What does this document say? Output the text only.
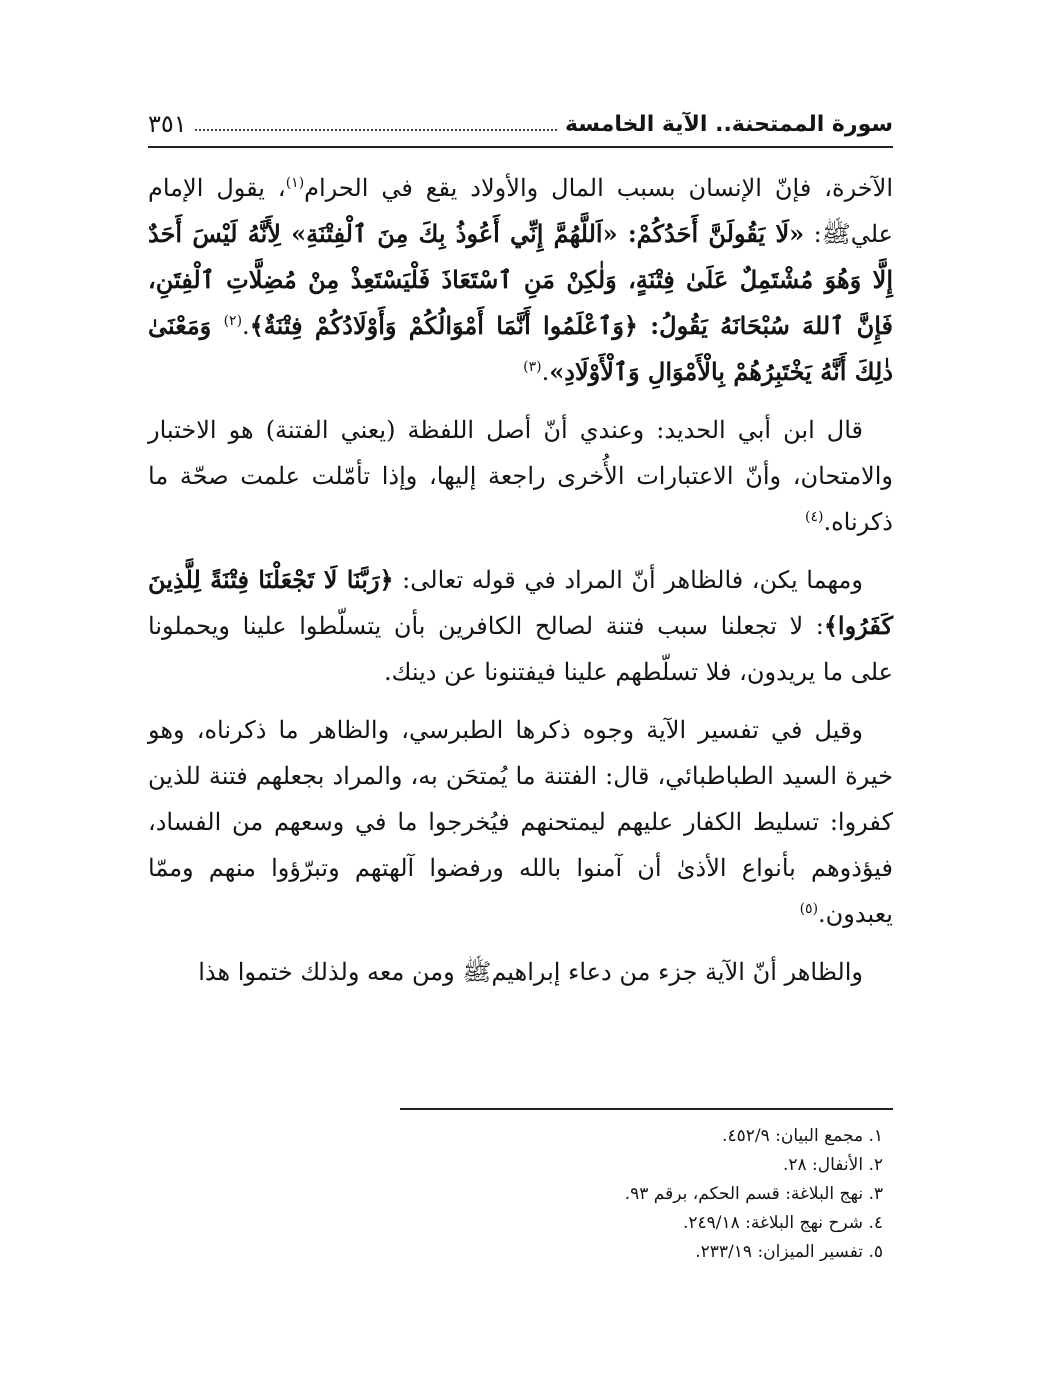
سورة الممتحنة.. الآية الخامسة
٣٥١

الآخرة، فإنّ الإنسان بسبب المال والأولاد يقع في الحرام$^{(١)}$، يقول الإمام عليﷺ: «لَا يَقُولَنَّ أَحَدُكُمْ: «اَللَّهُمَّ إِنِّي أَعُوذُ بِكَ مِنَ ٱلْفِتْنَةِ» لِأَنَّهُ لَيْسَ أَحَدٌ إِلَّا وَهُوَ مُشْتَمِلٌ عَلَىٰ فِتْنَةٍ، وَلٰكِنْ مَنِ ٱسْتَعَاذَ فَلْيَسْتَعِذْ مِنْ مُضِلَّاتِ ٱلْفِتَنِ، فَإِنَّ ٱللهَ سُبْحَانَهُ يَقُولُ: ﴿وَٱعْلَمُوا أَنَّمَا أَمْوَالُكُمْ وَأَوْلَادُكُمْ فِتْنَةٌ﴾.$^{(٢)}$ وَمَعْنَىٰ ذٰلِكَ أَنَّهُ يَخْتَبِرُهُمْ بِالْأَمْوَالِ وَٱلْأَوْلَادِ».$^{(٣)}$

قال ابن أبي الحديد: وعندي أنّ أصل اللفظة (يعني الفتنة) هو الاختبار والامتحان، وأنّ الاعتبارات الأُخرى راجعة إليها، وإذا تأمّلت علمت صحّة ما ذكرناه.$^{(٤)}$

ومهما يكن، فالظاهر أنّ المراد في قوله تعالى: ﴿رَبَّنَا لَا تَجْعَلْنَا فِتْنَةً لِلَّذِينَ كَفَرُوا﴾: لا تجعلنا سبب فتنة لصالح الكافرين بأن يتسلّطوا علينا ويحملونا على ما يريدون، فلا تسلّطهم علينا فيفتنونا عن دينك.

وقيل في تفسير الآية وجوه ذكرها الطبرسي، والظاهر ما ذكرناه، وهو خيرة السيد الطباطبائي، قال: الفتنة ما يُمتحَن به، والمراد بجعلهم فتنة للذين كفروا: تسليط الكفار عليهم ليمتحنهم فيُخرجوا ما في وسعهم من الفساد، فيؤذوهم بأنواع الأذىٰ أن آمنوا بالله ورفضوا آلهتهم وتبرّؤوا منهم وممّا يعبدون.$^{(٥)}$

والظاهر أنّ الآية جزء من دعاء إبراهيمﷺ ومن معه ولذلك ختموا هذا

١. مجمع البيان: ٤٥٢/٩.
٢. الأنفال: ٢٨.
٣. نهج البلاغة: قسم الحكم، برقم ٩٣.
٤. شرح نهج البلاغة: ٢٤٩/١٨.
٥. تفسير الميزان: ٢٣٣/١٩.
